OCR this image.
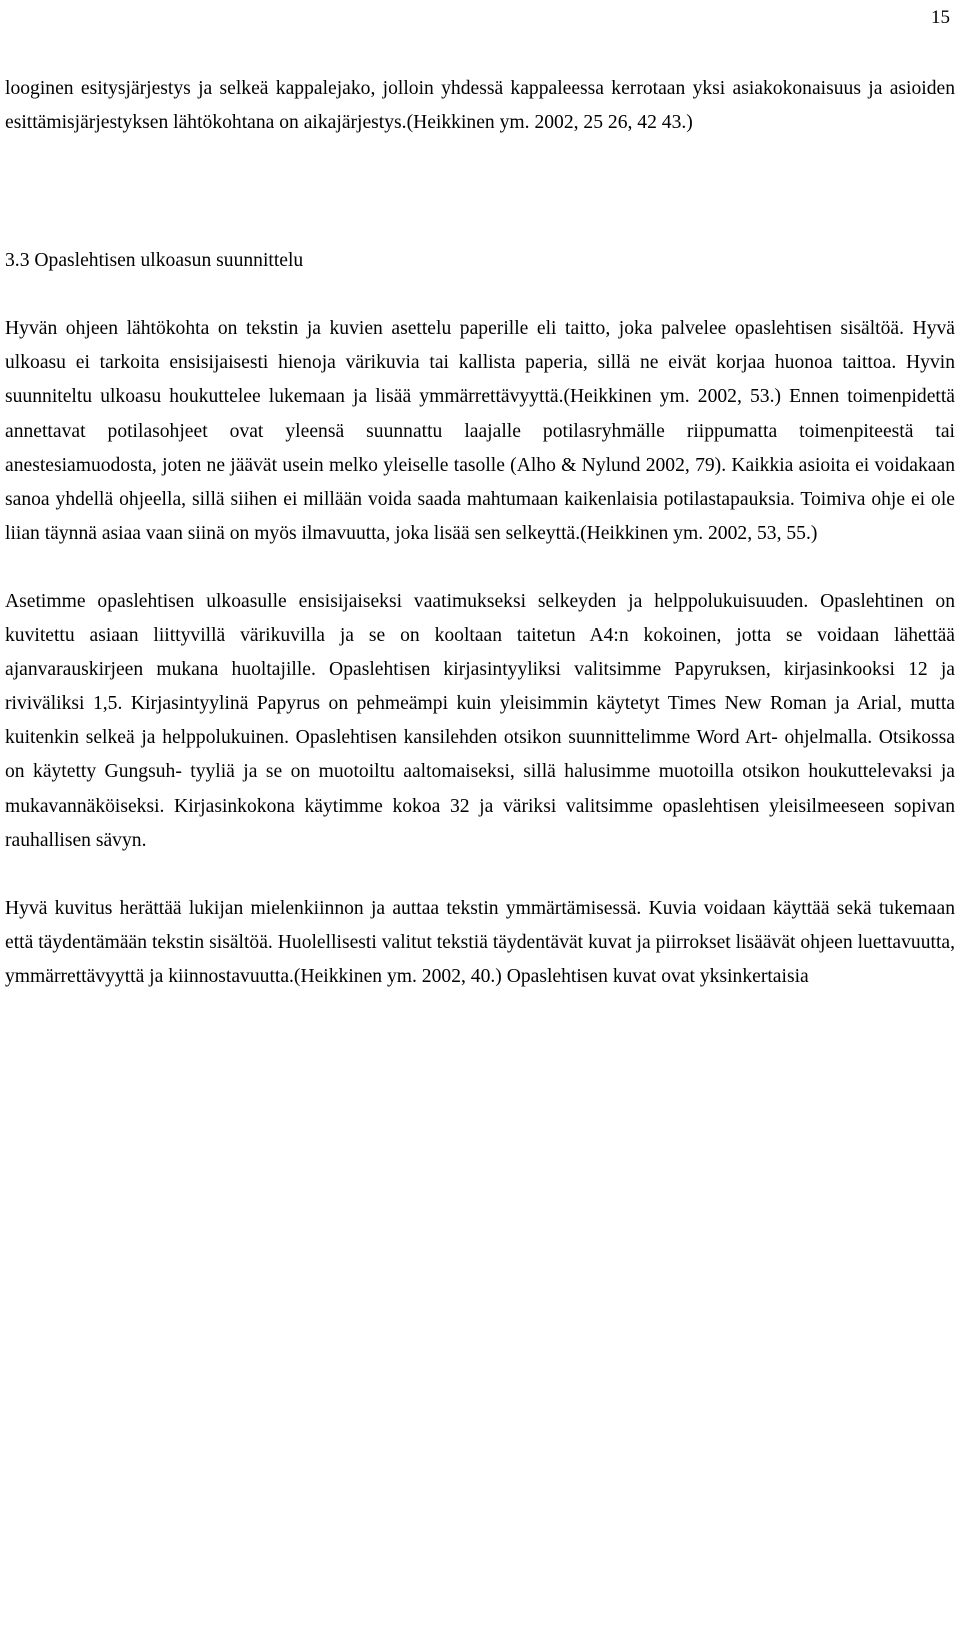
15

looginen esitysjärjestys ja selkeä kappalejako, jolloin yhdessä kappaleessa kerrotaan yksi asiakokonaisuus ja asioiden esittämisjärjestyksen lähtökohtana on aikajärjestys.(Heikkinen ym. 2002, 25 26, 42 43.)

3.3 Opaslehtisen ulkoasun suunnittelu

Hyvän ohjeen lähtökohta on tekstin ja kuvien asettelu paperille eli taitto, joka palvelee opaslehtisen sisältöä. Hyvä ulkoasu ei tarkoita ensisijaisesti hienoja värikuvia tai kallista paperia, sillä ne eivät korjaa huonoa taittoa. Hyvin suunniteltu ulkoasu houkuttelee lukemaan ja lisää ymmärrettävyyttä.(Heikkinen ym. 2002, 53.) Ennen toimenpidettä annettavat potilasohjeet ovat yleensä suunnattu laajalle potilasryhmälle riippumatta toimenpiteestä tai anestesiamuodosta, joten ne jäävät usein melko yleiselle tasolle (Alho & Nylund 2002, 79). Kaikkia asioita ei voidakaan sanoa yhdellä ohjeella, sillä siihen ei millään voida saada mahtumaan kaikenlaisia potilastapauksia. Toimiva ohje ei ole liian täynnä asiaa vaan siinä on myös ilmavuutta, joka lisää sen selkeyttä.(Heikkinen ym. 2002, 53, 55.)

Asetimme opaslehtisen ulkoasulle ensisijaiseksi vaatimukseksi selkeyden ja helppolukuisuuden. Opaslehtinen on kuvitettu asiaan liittyvillä värikuvilla ja se on kooltaan taitetun A4:n kokoinen, jotta se voidaan lähettää ajanvarauskirjeen mukana huoltajille. Opaslehtisen kirjasintyyliksi valitsimme Papyruksen, kirjasinkooksi 12 ja riviväliksi 1,5. Kirjasintyylinä Papyrus on pehmeämpi kuin yleisimmin käytetyt Times New Roman ja Arial, mutta kuitenkin selkeä ja helppolukuinen. Opaslehtisen kansilehden otsikon suunnittelimme Word Art- ohjelmalla. Otsikossa on käytetty Gungsuh- tyyliä ja se on muotoiltu aaltomaiseksi, sillä halusimme muotoilla otsikon houkuttelevaksi ja mukavannäköiseksi. Kirjasinkokona käytimme kokoa 32 ja väriksi valitsimme opaslehtisen yleisilmeeseen sopivan rauhallisen sävyn.

Hyvä kuvitus herättää lukijan mielenkiinnon ja auttaa tekstin ymmärtämisessä. Kuvia voidaan käyttää sekä tukemaan että täydentämään tekstin sisältöä. Huolellisesti valitut tekstiä täydentävät kuvat ja piirrokset lisäävät ohjeen luettavuutta, ymmärrettävyyttä ja kiinnostavuutta.(Heikkinen ym. 2002, 40.) Opaslehtisen kuvat ovat yksinkertaisia
